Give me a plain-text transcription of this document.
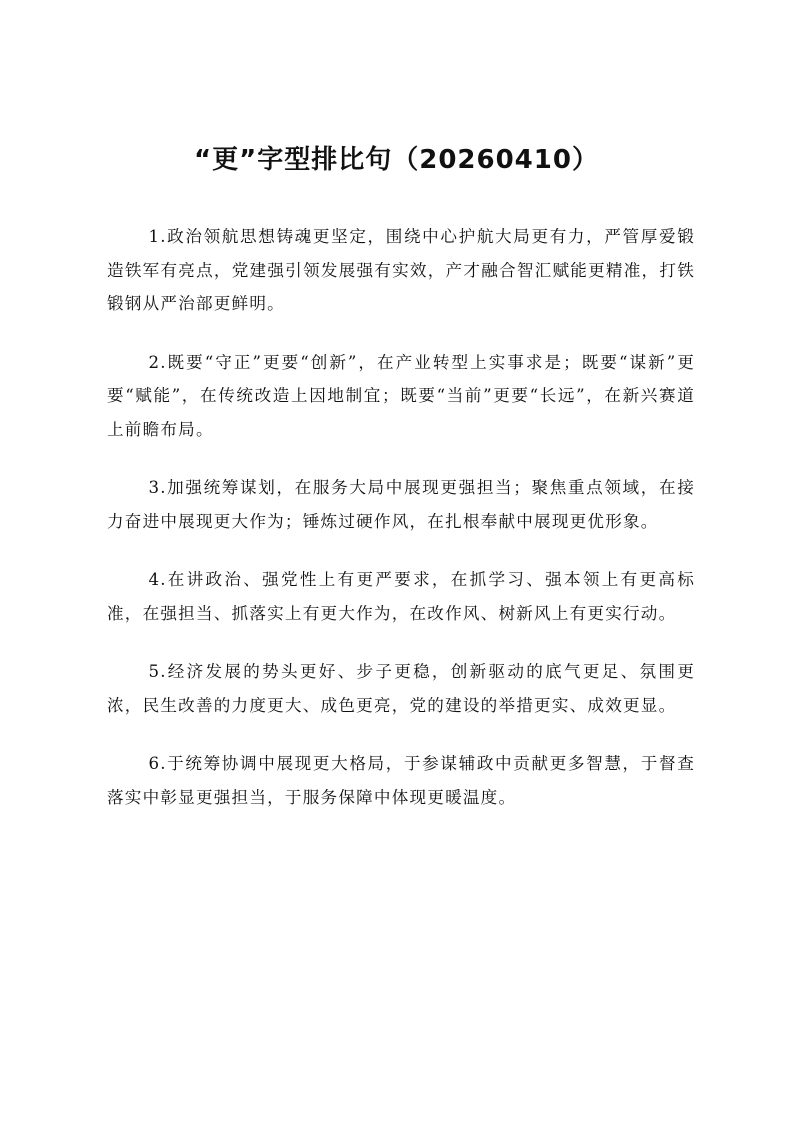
“更”字型排比句（20260410）

1.政治领航思想铸魂更坚定，围绕中心护航大局更有力，严管厚爱锻造铁军有亮点，党建强引领发展强有实效，产才融合智汇赋能更精准，打铁锻钢从严治部更鲜明。

2.既要“守正”更要“创新”，在产业转型上实事求是；既要“谋新”更要“赋能”，在传统改造上因地制宜；既要“当前”更要“长远”，在新兴赛道上前瞻布局。

3.加强统筹谋划，在服务大局中展现更强担当；聚焦重点领域，在接力奋进中展现更大作为；锤炼过硬作风，在扎根奉献中展现更优形象。

4.在讲政治、强党性上有更严要求，在抓学习、强本领上有更高标准，在强担当、抓落实上有更大作为，在改作风、树新风上有更实行动。

5.经济发展的势头更好、步子更稳，创新驱动的底气更足、氛围更浓，民生改善的力度更大、成色更亮，党的建设的举措更实、成效更显。

6.于统筹协调中展现更大格局，于参谋辅政中贡献更多智慧，于督查落实中彰显更强担当，于服务保障中体现更暖温度。
